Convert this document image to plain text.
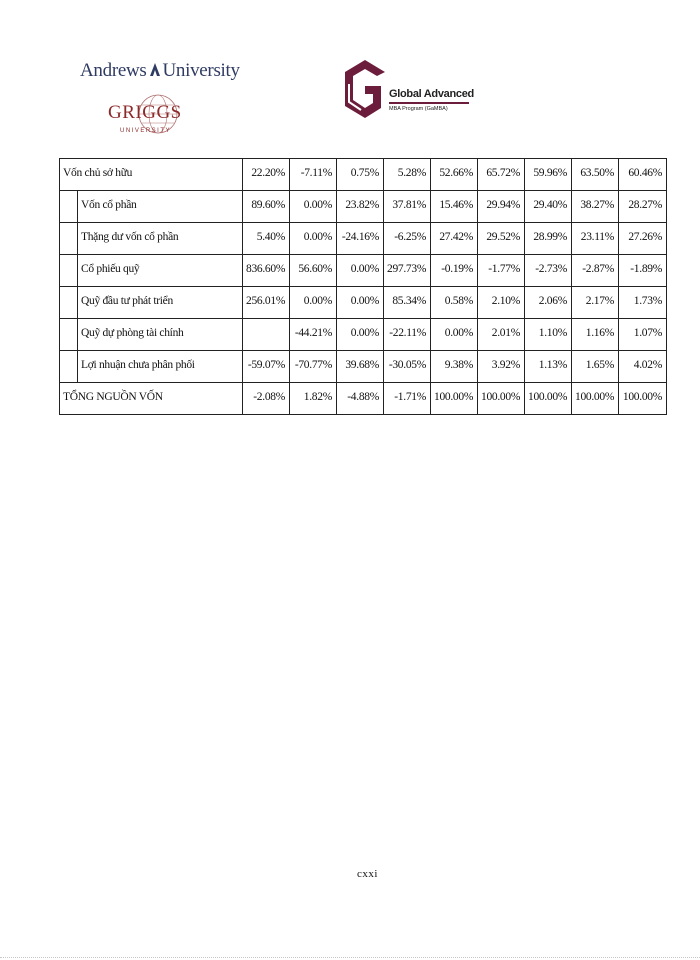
Andrews University
GRIGGS
UNIVERSITY
Global Advanced
MBA Program (GaMBA)
Vốn chủ sở hữu		22.20%	-7.11%	0.75%	5.28%	52.66%	65.72%	59.96%	63.50%	60.46%
	Vốn cổ phần	89.60%	0.00%	23.82%	37.81%	15.46%	29.94%	29.40%	38.27%	28.27%
	Thặng dư vốn cổ phần	5.40%	0.00%	-24.16%	-6.25%	27.42%	29.52%	28.99%	23.11%	27.26%
	Cổ phiếu quỹ	836.60%	56.60%	0.00%	297.73%	-0.19%	-1.77%	-2.73%	-2.87%	-1.89%
	Quỹ đầu tư phát triển	256.01%	0.00%	0.00%	85.34%	0.58%	2.10%	2.06%	2.17%	1.73%
	Quỹ dự phòng tài chính		-44.21%	0.00%	-22.11%	0.00%	2.01%	1.10%	1.16%	1.07%
	Lợi nhuận chưa phân phối	-59.07%	-70.77%	39.68%	-30.05%	9.38%	3.92%	1.13%	1.65%	4.02%
TỔNG NGUỒN VỐN		-2.08%	1.82%	-4.88%	-1.71%	100.00%	100.00%	100.00%	100.00%	100.00%
cxxi
